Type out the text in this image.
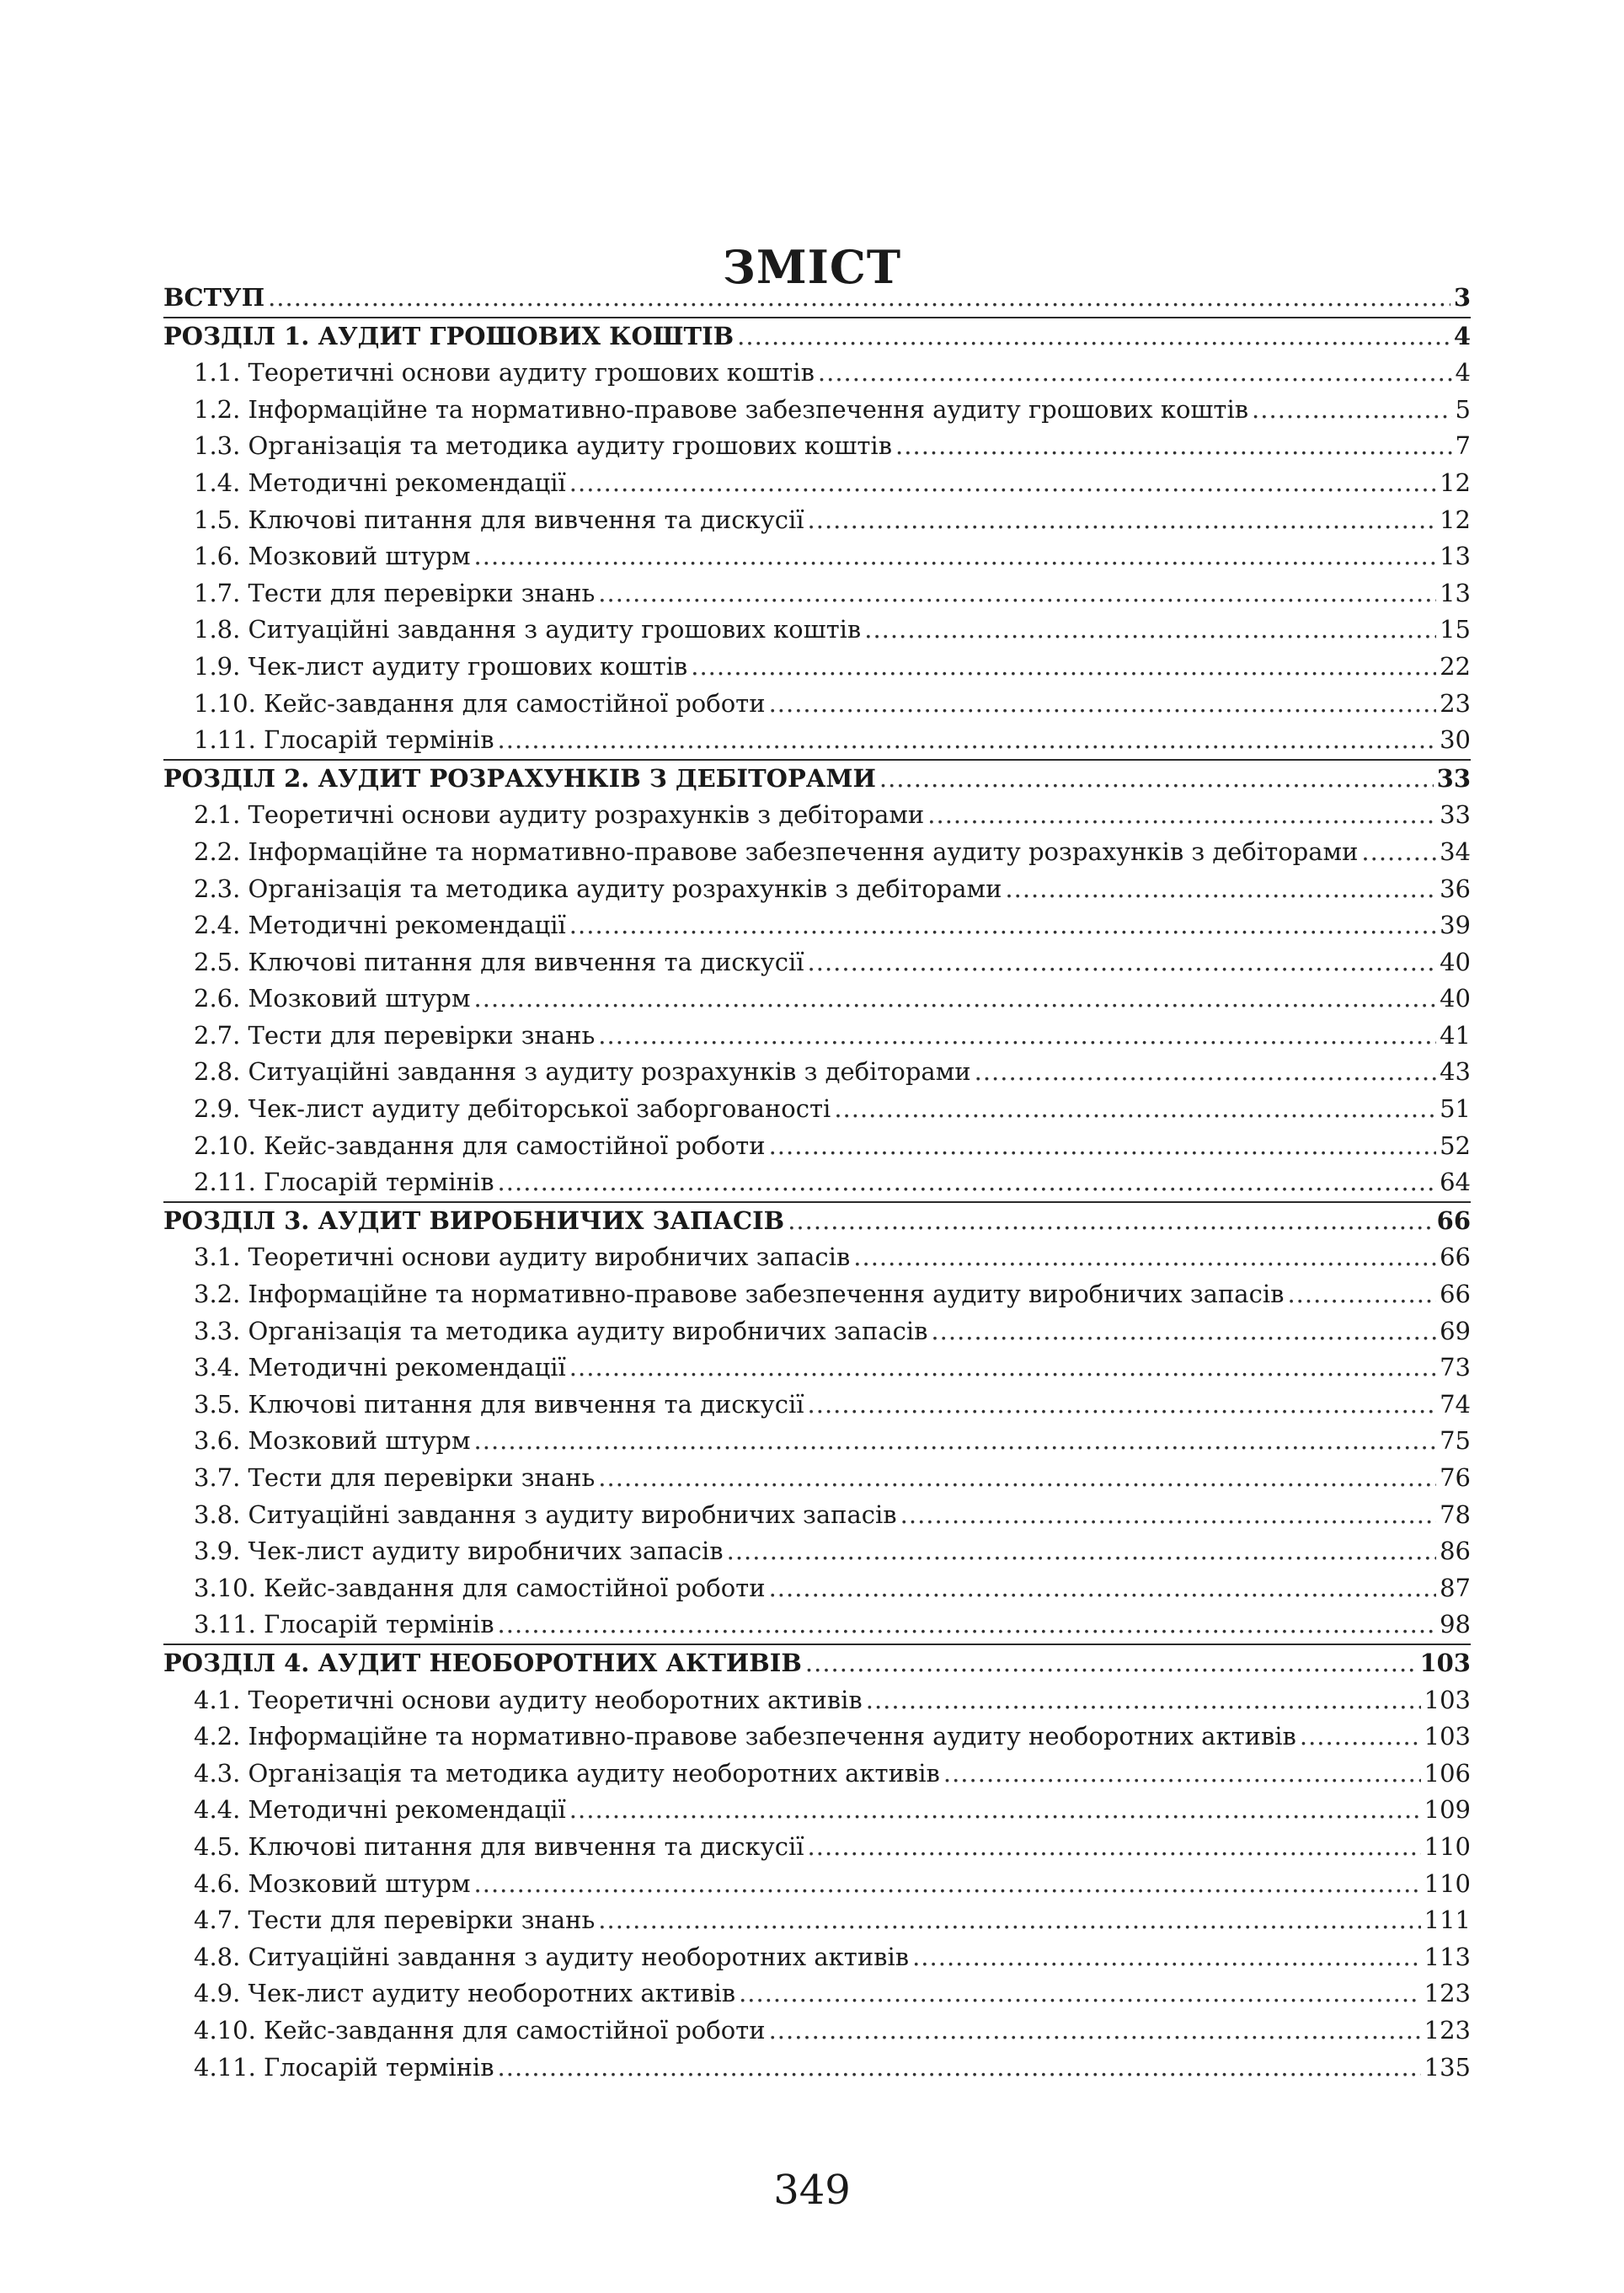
ЗМІСТ
ВСТУП .....	3
РОЗДІЛ 1. АУДИТ ГРОШОВИХ КОШТІВ .....	4
1.1. Теоретичні основи аудиту грошових коштів .....	4
1.2. Інформаційне та нормативно-правове забезпечення аудиту грошових коштів .....	5
1.3. Організація та методика аудиту грошових коштів .....	7
1.4. Методичні рекомендації .....	12
1.5. Ключові питання для вивчення та дискусії .....	12
1.6. Мозковий штурм .....	13
1.7. Тести для перевірки знань .....	13
1.8. Ситуаційні завдання з аудиту грошових коштів .....	15
1.9. Чек-лист аудиту грошових коштів .....	22
1.10. Кейс-завдання для самостійної роботи .....	23
1.11. Глосарій термінів .....	30
РОЗДІЛ 2. АУДИТ РОЗРАХУНКІВ З ДЕБІТОРАМИ .....	33
2.1. Теоретичні основи аудиту розрахунків з дебіторами .....	33
2.2. Інформаційне та нормативно-правове забезпечення аудиту розрахунків з дебіторами .....	34
2.3. Організація та методика аудиту розрахунків з дебіторами .....	36
2.4. Методичні рекомендації .....	39
2.5. Ключові питання для вивчення та дискусії .....	40
2.6. Мозковий штурм .....	40
2.7. Тести для перевірки знань .....	41
2.8. Ситуаційні завдання з аудиту розрахунків з дебіторами .....	43
2.9. Чек-лист аудиту дебіторської заборгованості .....	51
2.10. Кейс-завдання для самостійної роботи .....	52
2.11. Глосарій термінів .....	64
РОЗДІЛ 3. АУДИТ ВИРОБНИЧИХ ЗАПАСІВ .....	66
3.1. Теоретичні основи аудиту виробничих запасів .....	66
3.2. Інформаційне та нормативно-правове забезпечення аудиту виробничих запасів .....	66
3.3. Організація та методика аудиту виробничих запасів .....	69
3.4. Методичні рекомендації .....	73
3.5. Ключові питання для вивчення та дискусії .....	74
3.6. Мозковий штурм .....	75
3.7. Тести для перевірки знань .....	76
3.8. Ситуаційні завдання з аудиту виробничих запасів .....	78
3.9. Чек-лист аудиту виробничих запасів .....	86
3.10. Кейс-завдання для самостійної роботи .....	87
3.11. Глосарій термінів .....	98
РОЗДІЛ 4. АУДИТ НЕОБОРОТНИХ АКТИВІВ .....	103
4.1. Теоретичні основи аудиту необоротних активів .....	103
4.2. Інформаційне та нормативно-правове забезпечення аудиту необоротних активів .....	103
4.3. Організація та методика аудиту необоротних активів .....	106
4.4. Методичні рекомендації .....	109
4.5. Ключові питання для вивчення та дискусії .....	110
4.6. Мозковий штурм .....	110
4.7. Тести для перевірки знань .....	111
4.8. Ситуаційні завдання з аудиту необоротних активів .....	113
4.9. Чек-лист аудиту необоротних активів .....	123
4.10. Кейс-завдання для самостійної роботи .....	123
4.11. Глосарій термінів .....	135
349
